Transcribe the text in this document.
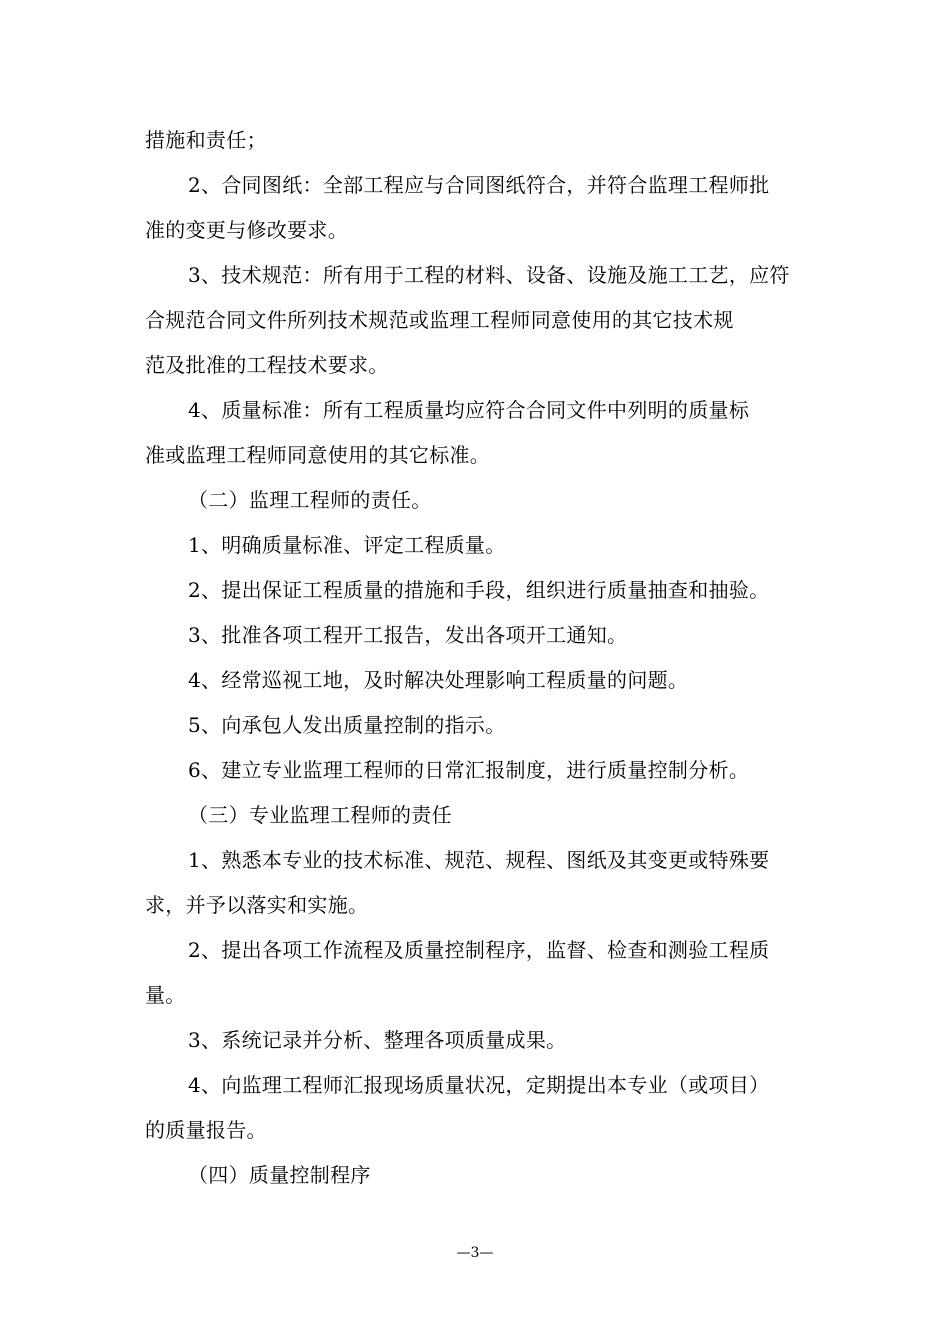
措施和责任；
2、合同图纸：全部工程应与合同图纸符合，并符合监理工程师批
准的变更与修改要求。
3、技术规范：所有用于工程的材料、设备、设施及施工工艺，应符
合规范合同文件所列技术规范或监理工程师同意使用的其它技术规
范及批准的工程技术要求。
4、质量标准：所有工程质量均应符合合同文件中列明的质量标
准或监理工程师同意使用的其它标准。
（二）监理工程师的责任。
1、明确质量标准、评定工程质量。
2、提出保证工程质量的措施和手段，组织进行质量抽查和抽验。
3、批准各项工程开工报告，发出各项开工通知。
4、经常巡视工地，及时解决处理影响工程质量的问题。
5、向承包人发出质量控制的指示。
6、建立专业监理工程师的日常汇报制度，进行质量控制分析。
（三）专业监理工程师的责任
1、熟悉本专业的技术标准、规范、规程、图纸及其变更或特殊要
求，并予以落实和实施。
2、提出各项工作流程及质量控制程序，监督、检查和测验工程质
量。
3、系统记录并分析、整理各项质量成果。
4、向监理工程师汇报现场质量状况，定期提出本专业（或项目）
的质量报告。
（四）质量控制程序
—3—
